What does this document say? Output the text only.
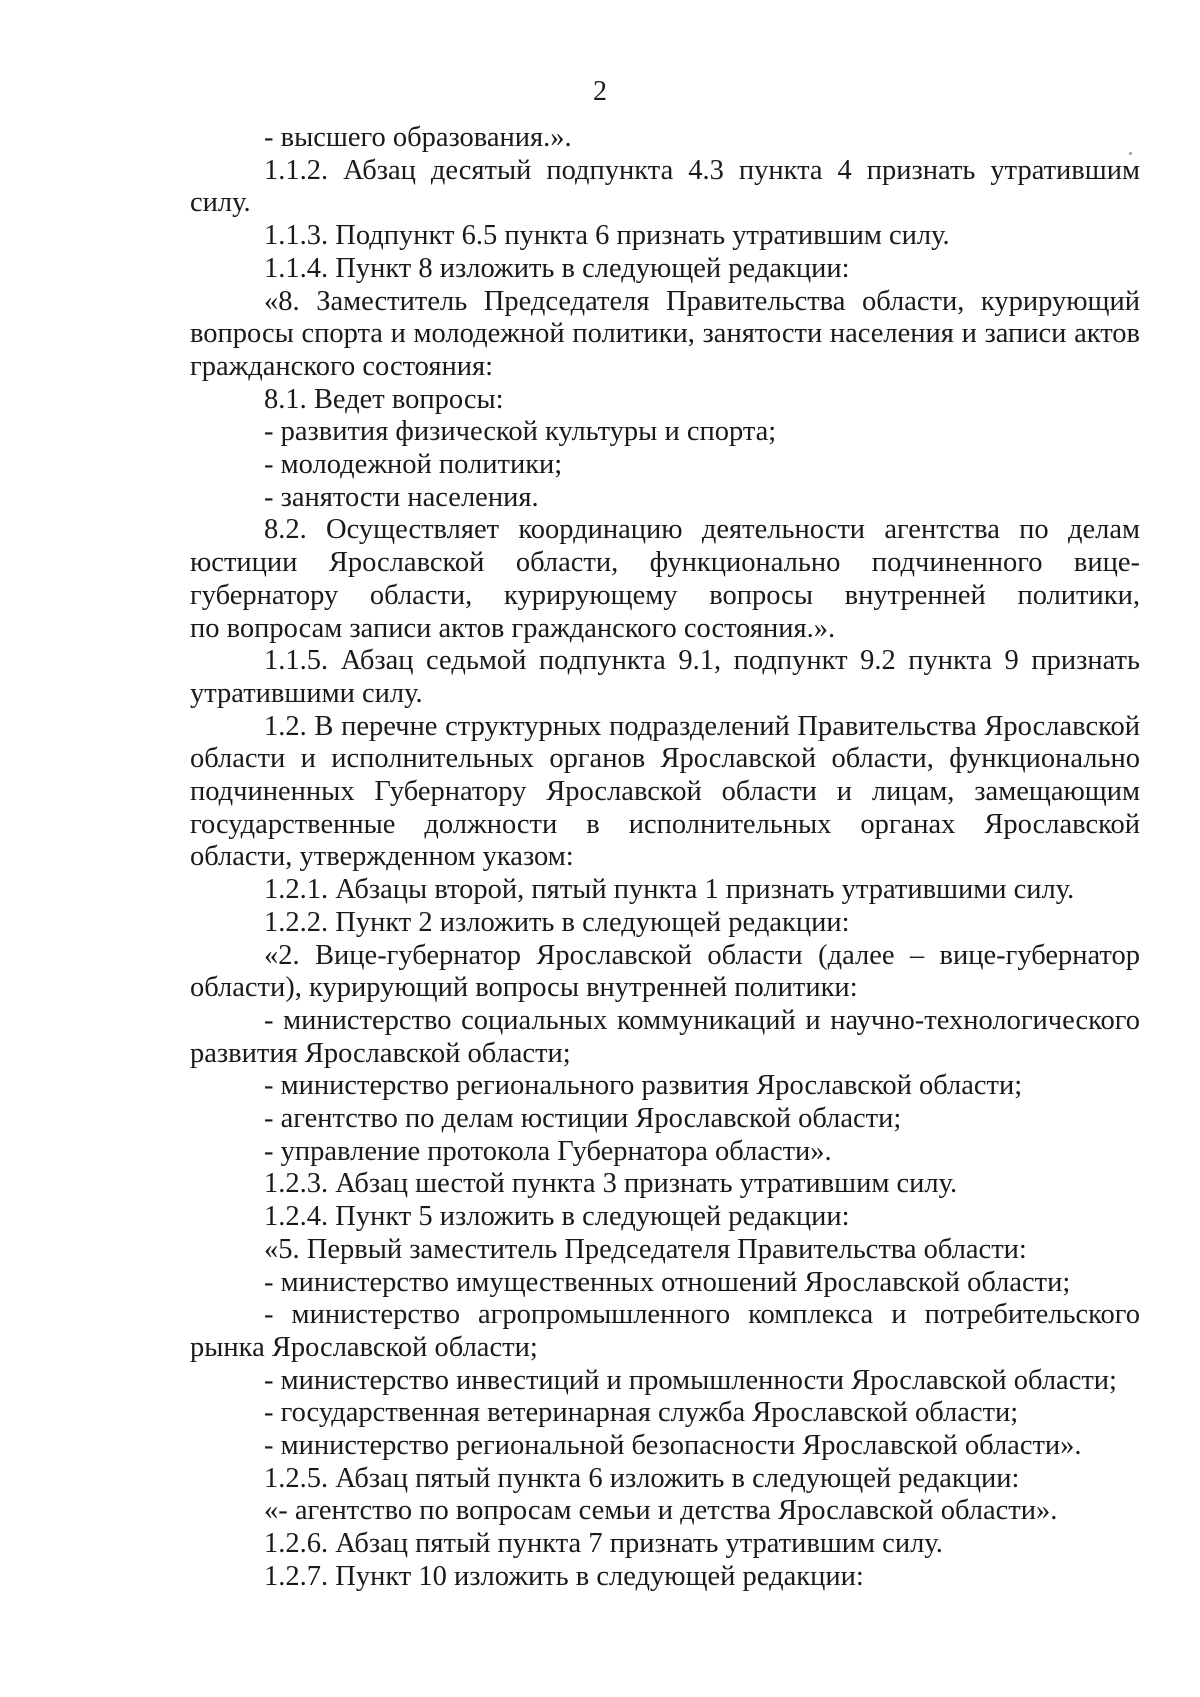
2
- высшего образования.».
1.1.2. Абзац десятый подпункта 4.3 пункта 4 признать утратившим
силу.
1.1.3. Подпункт 6.5 пункта 6 признать утратившим силу.
1.1.4. Пункт 8 изложить в следующей редакции:
«8. Заместитель Председателя Правительства области, курирующий
вопросы спорта и молодежной политики, занятости населения и записи актов
гражданского состояния:
8.1. Ведет вопросы:
- развития физической культуры и спорта;
- молодежной политики;
- занятости населения.
8.2. Осуществляет координацию деятельности агентства по делам
юстиции Ярославской области, функционально подчиненного вице-
губернатору области, курирующему вопросы внутренней политики,
по вопросам записи актов гражданского состояния.».
1.1.5. Абзац седьмой подпункта 9.1, подпункт 9.2 пункта 9 признать
утратившими силу.
1.2. В перечне структурных подразделений Правительства Ярославской
области и исполнительных органов Ярославской области, функционально
подчиненных Губернатору Ярославской области и лицам, замещающим
государственные должности в исполнительных органах Ярославской
области, утвержденном указом:
1.2.1. Абзацы второй, пятый пункта 1 признать утратившими силу.
1.2.2. Пункт 2 изложить в следующей редакции:
«2. Вице-губернатор Ярославской области (далее – вице-губернатор
области), курирующий вопросы внутренней политики:
- министерство социальных коммуникаций и научно-технологического
развития Ярославской области;
- министерство регионального развития Ярославской области;
- агентство по делам юстиции Ярославской области;
- управление протокола Губернатора области».
1.2.3. Абзац шестой пункта 3 признать утратившим силу.
1.2.4. Пункт 5 изложить в следующей редакции:
«5. Первый заместитель Председателя Правительства области:
- министерство имущественных отношений Ярославской области;
- министерство агропромышленного комплекса и потребительского
рынка Ярославской области;
- министерство инвестиций и промышленности Ярославской области;
- государственная ветеринарная служба Ярославской области;
- министерство региональной безопасности Ярославской области».
1.2.5. Абзац пятый пункта 6 изложить в следующей редакции:
«- агентство по вопросам семьи и детства Ярославской области».
1.2.6. Абзац пятый пункта 7 признать утратившим силу.
1.2.7. Пункт 10 изложить в следующей редакции:
